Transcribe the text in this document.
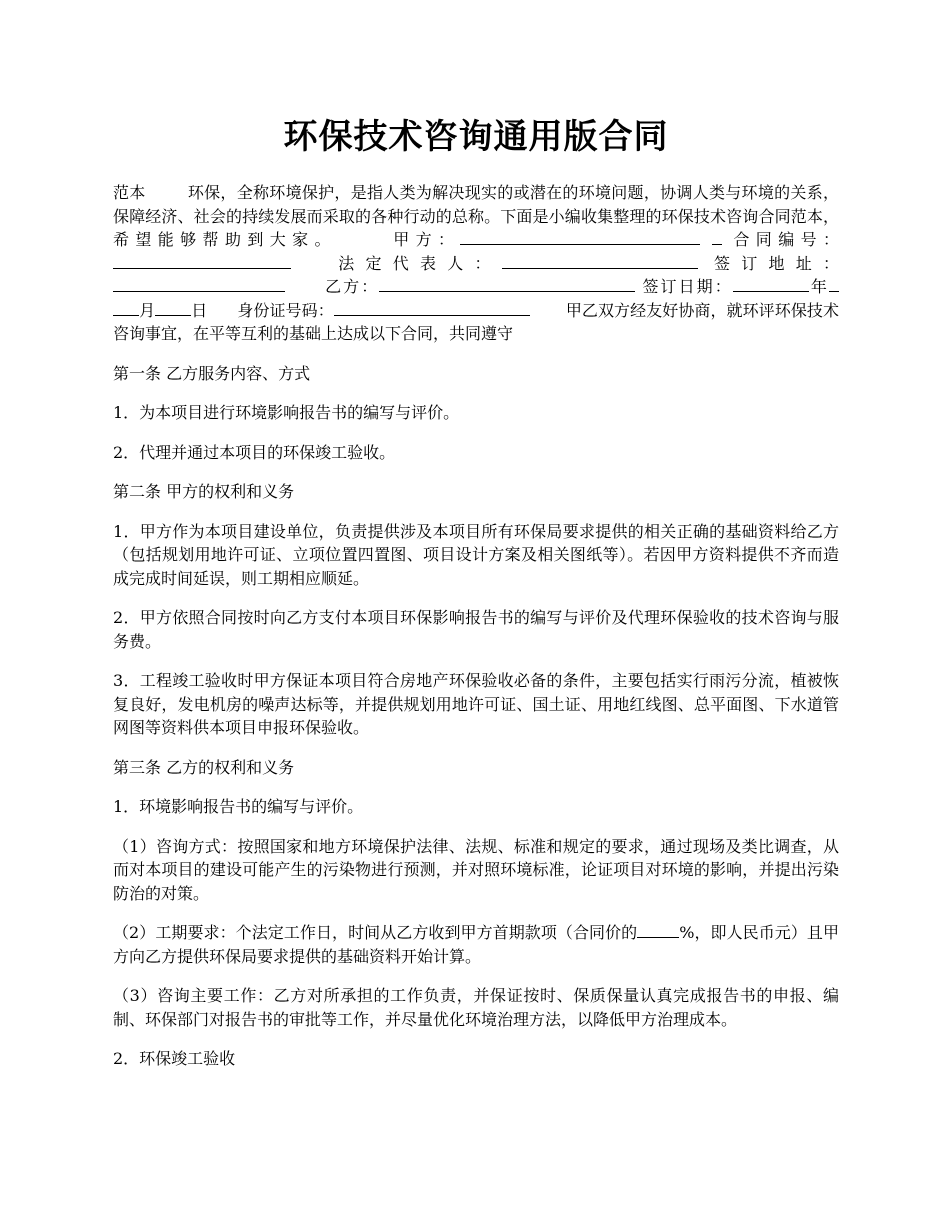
环保技术咨询通用版合同
范本	环保，全称环境保护，是指人类为解决现实的或潜在的环境问题，协调人类与环境的关系，保障经济、社会的持续发展而采取的各种行动的总称。下面是小编收集整理的环保技术咨询合同范本，希望能够帮助到大家。	甲方：	合同编号：法定代表人：	签订地址： 乙方：	签订日期：	年 月 日 身份证号码：	甲乙双方经友好协商，就环评环保技术咨询事宜，在平等互利的基础上达成以下合同，共同遵守

第一条 乙方服务内容、方式

1．为本项目进行环境影响报告书的编写与评价。

2．代理并通过本项目的环保竣工验收。

第二条 甲方的权利和义务

1．甲方作为本项目建设单位，负责提供涉及本项目所有环保局要求提供的相关正确的基础资料给乙方（包括规划用地许可证、立项位置四置图、项目设计方案及相关图纸等）。若因甲方资料提供不齐而造成完成时间延误，则工期相应顺延。

2．甲方依照合同按时向乙方支付本项目环保影响报告书的编写与评价及代理环保验收的技术咨询与服务费。

3．工程竣工验收时甲方保证本项目符合房地产环保验收必备的条件，主要包括实行雨污分流，植被恢复良好，发电机房的噪声达标等，并提供规划用地许可证、国土证、用地红线图、总平面图、下水道管网图等资料供本项目申报环保验收。

第三条 乙方的权利和义务

1．环境影响报告书的编写与评价。

（1）咨询方式：按照国家和地方环境保护法律、法规、标准和规定的要求，通过现场及类比调查，从而对本项目的建设可能产生的污染物进行预测，并对照环境标准，论证项目对环境的影响，并提出污染防治的对策。

（2）工期要求：个法定工作日，时间从乙方收到甲方首期款项（合同价的	%，即人民币元）且甲方向乙方提供环保局要求提供的基础资料开始计算。

（3）咨询主要工作：乙方对所承担的工作负责，并保证按时、保质保量认真完成报告书的申报、编制、环保部门对报告书的审批等工作，并尽量优化环境治理方法，以降低甲方治理成本。

2．环保竣工验收
